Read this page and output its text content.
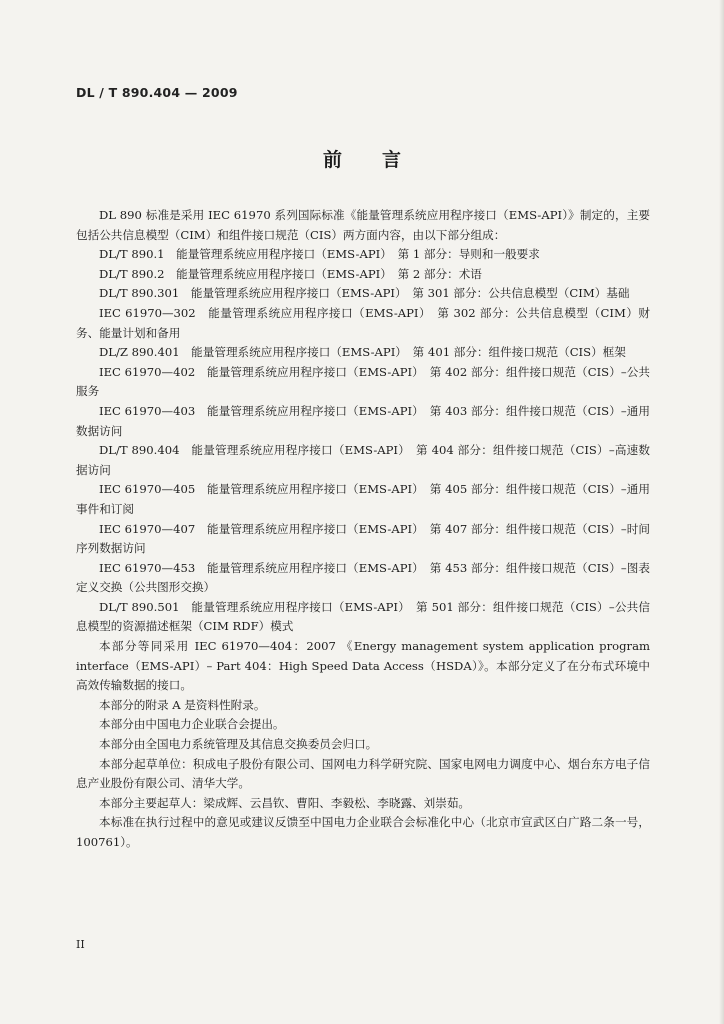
DL / T 890.404 — 2009
前言

DL 890 标准是采用 IEC 61970 系列国际标准《能量管理系统应用程序接口（EMS-API）》制定的，主要包括公共信息模型（CIM）和组件接口规范（CIS）两方面内容，由以下部分组成：

DL/T 890.1　能量管理系统应用程序接口（EMS-API）　第 1 部分：导则和一般要求

DL/T 890.2　能量管理系统应用程序接口（EMS-API）　第 2 部分：术语

DL/T 890.301　能量管理系统应用程序接口（EMS-API）　第 301 部分：公共信息模型（CIM）基础

IEC 61970—302　能量管理系统应用程序接口（EMS-API）　第 302 部分：公共信息模型（CIM）财务、能量计划和备用

DL/Z 890.401　能量管理系统应用程序接口（EMS-API）　第 401 部分：组件接口规范（CIS）框架

IEC 61970—402　能量管理系统应用程序接口（EMS-API）　第 402 部分：组件接口规范（CIS）–公共服务

IEC 61970—403　能量管理系统应用程序接口（EMS-API）　第 403 部分：组件接口规范（CIS）–通用数据访问

DL/T 890.404　能量管理系统应用程序接口（EMS-API）　第 404 部分：组件接口规范（CIS）–高速数据访问

IEC 61970—405　能量管理系统应用程序接口（EMS-API）　第 405 部分：组件接口规范（CIS）–通用事件和订阅

IEC 61970—407　能量管理系统应用程序接口（EMS-API）　第 407 部分：组件接口规范（CIS）–时间序列数据访问

IEC 61970—453　能量管理系统应用程序接口（EMS-API）　第 453 部分：组件接口规范（CIS）–图表定义交换（公共图形交换）

DL/T 890.501　能量管理系统应用程序接口（EMS-API）　第 501 部分：组件接口规范（CIS）–公共信息模型的资源描述框架（CIM RDF）模式

本部分等同采用 IEC 61970—404：2007 《Energy management system application program interface（EMS-API）– Part 404：High Speed Data Access（HSDA）》。本部分定义了在分布式环境中高效传输数据的接口。

本部分的附录 A 是资料性附录。

本部分由中国电力企业联合会提出。

本部分由全国电力系统管理及其信息交换委员会归口。

本部分起草单位：积成电子股份有限公司、国网电力科学研究院、国家电网电力调度中心、烟台东方电子信息产业股份有限公司、清华大学。

本部分主要起草人：梁成辉、云昌钦、曹阳、李毅松、李晓露、刘崇茹。

本标准在执行过程中的意见或建议反馈至中国电力企业联合会标准化中心（北京市宣武区白广路二条一号，100761）。

II
